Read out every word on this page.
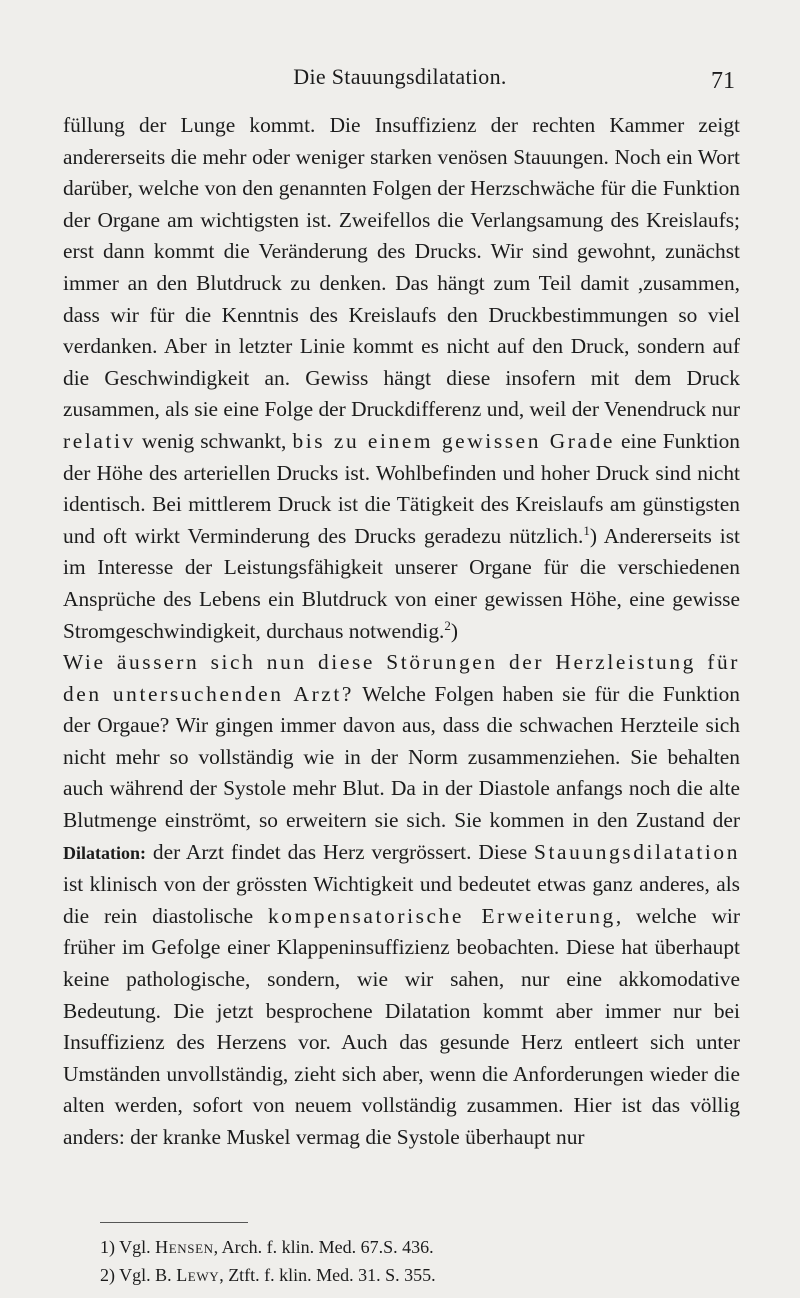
Die Stauungsdilatation.	71

füllung der Lunge kommt. Die Insuffizienz der rechten Kammer zeigt andererseits die mehr oder weniger starken venösen Stauungen. Noch ein Wort darüber, welche von den genannten Folgen der Herzschwäche für die Funktion der Organe am wichtigsten ist. Zweifellos die Verlangsamung des Kreislaufs; erst dann kommt die Veränderung des Drucks. Wir sind gewohnt, zunächst immer an den Blutdruck zu denken. Das hängt zum Teil damit ,zusammen, dass wir für die Kenntnis des Kreislaufs den Druckbestimmungen so viel verdanken. Aber in letzter Linie kommt es nicht auf den Druck, sondern auf die Geschwindigkeit an. Gewiss hängt diese insofern mit dem Druck zusammen, als sie eine Folge der Druckdifferenz und, weil der Venendruck nur relativ wenig schwankt, bis zu einem gewissen Grade eine Funktion der Höhe des arteriellen Drucks ist. Wohlbefinden und hoher Druck sind nicht identisch. Bei mittlerem Druck ist die Tätigkeit des Kreislaufs am günstigsten und oft wirkt Verminderung des Drucks geradezu nützlich.$^1$) Andererseits ist im Interesse der Leistungsfähigkeit unserer Organe für die verschiedenen Ansprüche des Lebens ein Blutdruck von einer gewissen Höhe, eine gewisse Stromgeschwindigkeit, durchaus notwendig.$^2$)

Wie äussern sich nun diese Störungen der Herzleistung für den untersuchenden Arzt? Welche Folgen haben sie für die Funktion der Orgaue? Wir gingen immer davon aus, dass die schwachen Herzteile sich nicht mehr so vollständig wie in der Norm zusammenziehen. Sie behalten auch während der Systole mehr Blut. Da in der Diastole anfangs noch die alte Blutmenge einströmt, so erweitern sie sich. Sie kommen in den Zustand der Dilatation: der Arzt findet das Herz vergrössert. Diese Stauungsdilatation ist klinisch von der grössten Wichtigkeit und bedeutet etwas ganz anderes, als die rein diastolische kompensatorische Erweiterung, welche wir früher im Gefolge einer Klappeninsuffizienz beobachten. Diese hat überhaupt keine pathologische, sondern, wie wir sahen, nur eine akkomodative Bedeutung. Die jetzt besprochene Dilatation kommt aber immer nur bei Insuffizienz des Herzens vor. Auch das gesunde Herz entleert sich unter Umständen unvollständig, zieht sich aber, wenn die Anforderungen wieder die alten werden, sofort von neuem vollständig zusammen. Hier ist das völlig anders: der kranke Muskel vermag die Systole überhaupt nur

1) Vgl. Hensen, Arch. f. klin. Med. 67.S. 436.
2) Vgl. B. Lewy, Ztft. f. klin. Med. 31. S. 355.
